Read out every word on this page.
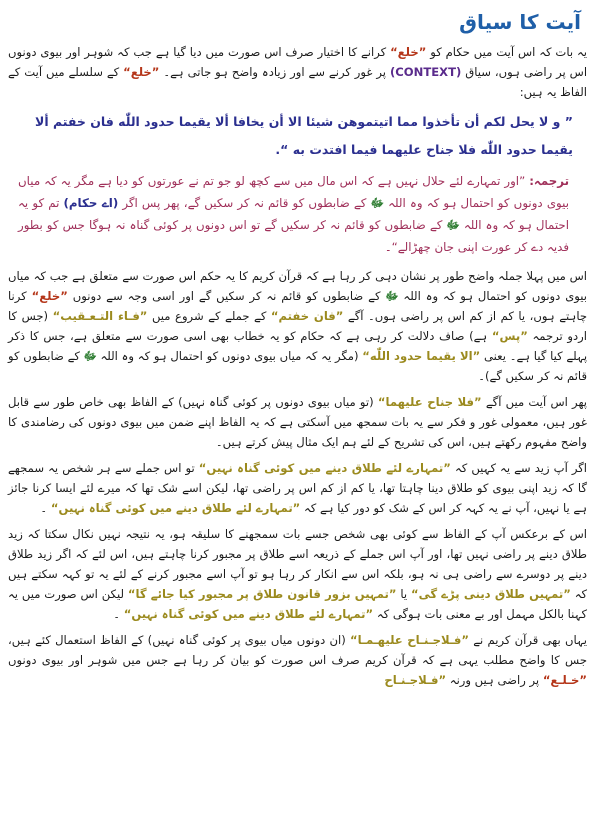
آیت کا سیاق

یہ بات کہ اس آیت میں حکام کو ”خلع“ کرانے کا اختیار صرف اس صورت میں دیا گیا ہے جب کہ شوہر اور بیوی دونوں اس پر راضی ہوں، سیاق (CONTEXT) پر غور کرنے سے اور زیادہ واضح ہو جاتی ہے۔ ”خلع“ کے سلسلے میں آیت کے الفاظ یہ ہیں:

” و لا يحل لكم أن تأخذوا مما اتيتموهن شيئا الا أن يخافا ألا يقيما حدود اللّٰه فان خفتم ألا يقيما حدود اللّٰه فلا جناح عليهما فيما افتدت به “.

ترجمہ: ”اور تمہارے لئے حلال نہیں ہے کہ اس مال میں سے کچھ لو جو تم نے عورتوں کو دیا ہے مگر یہ کہ میاں بیوی دونوں کو احتمال ہو کہ وہ اللہ ﷻ کے ضابطوں کو قائم نہ کر سکیں گے، پھر پس اگر (اے حکام) تم کو یہ احتمال ہو کہ وہ اللہ ﷻ کے ضابطوں کو قائم نہ کر سکیں گے تو اس دونوں پر کوئی گناہ نہ ہوگا جس کو بطور فدیہ دے کر عورت اپنی جان چھڑالے“۔

اس میں پہلا جملہ واضح طور پر نشان دہی کر رہا ہے کہ قرآن کریم کا یہ حکم اس صورت سے متعلق ہے جب کہ میاں بیوی دونوں کو احتمال ہو کہ وہ اللہ ﷻ کے ضابطوں کو قائم نہ کر سکیں گے اور اسی وجہ سے دونوں ”خلع“ کرنا چاہتے ہوں، یا کم از کم اس پر راضی ہوں۔ آگے ”فان خفتم“ کے جملے کے شروع میں ”فـاء التـعـقيب“ (جس کا اردو ترجمہ ”پس“ ہے) صاف دلالت کر رہی ہے کہ حکام کو یہ خطاب بھی اسی صورت سے متعلق ہے، جس کا ذکر پہلے کیا گیا ہے۔ یعنی ”الا يقيما حدود اللّٰه“ (مگر یہ کہ میاں بیوی دونوں کو احتمال ہو کہ وہ اللہ ﷻ کے ضابطوں کو قائم نہ کر سکیں گے)۔

پھر اس آیت میں آگے ”فلا جناح عليهما“ (تو میاں بیوی دونوں پر کوئی گناہ نہیں) کے الفاظ بھی خاص طور سے قابل غور ہیں، معمولی غور و فکر سے یہ بات سمجھ میں آسکتی ہے کہ یہ الفاظ اپنے ضمن میں بیوی دونوں کی رضامندی کا واضح مفہوم رکھتے ہیں، اس کی تشریح کے لئے ہم ایک مثال پیش کرتے ہیں۔

اگر آپ زید سے یہ کہیں کہ ”تمہارے لئے طلاق دینے میں کوئی گناہ نہیں“ تو اس جملے سے ہر شخص یہ سمجھے گا کہ زید اپنی بیوی کو طلاق دینا چاہتا تھا، یا کم از کم اس پر راضی تھا، لیکن اسے شک تھا کہ میرے لئے ایسا کرنا جائز ہے یا نہیں، آپ نے یہ کہہ کر اس کے شک کو دور کیا ہے کہ ”تمہارے لئے طلاق دینے میں کوئی گناہ نہیں“ ۔

اس کے برعکس آپ کے الفاظ سے کوئی بھی شخص جسے بات سمجھنے کا سلیقہ ہو، یہ نتیجہ نہیں نکال سکتا کہ زید طلاق دینے پر راضی نہیں تھا، اور آپ اس جملے کے ذریعہ اسے طلاق پر مجبور کرنا چاہتے ہیں، اس لئے کہ اگر زید طلاق دینے پر دوسرے سے راضی ہی نہ ہو، بلکہ اس سے انکار کر رہا ہو تو آپ اسے مجبور کرنے کے لئے یہ تو کہہ سکتے ہیں کہ ”تمہیں طلاق دینی پڑے گی“ یا ”تمہیں بزور قانون طلاق پر مجبور کیا جائے گا“ لیکن اس صورت میں یہ کہنا بالکل مہمل اور بے معنی بات ہوگی کہ ”تمہارے لئے طلاق دینے میں کوئی گناہ نہیں“ ۔

یہاں بھی قرآن کریم نے ”فـلاجـنـاح عليهـمـا“ (ان دونوں میاں بیوی پر کوئی گناہ نہیں) کے الفاظ استعمال کئے ہیں، جس کا واضح مطلب یہی ہے کہ قرآن کریم صرف اس صورت کو بیان کر رہا ہے جس میں شوہر اور بیوی دونوں ”خـلـع“ پر راضی ہیں ورنہ ”فـلاجـنـاح
